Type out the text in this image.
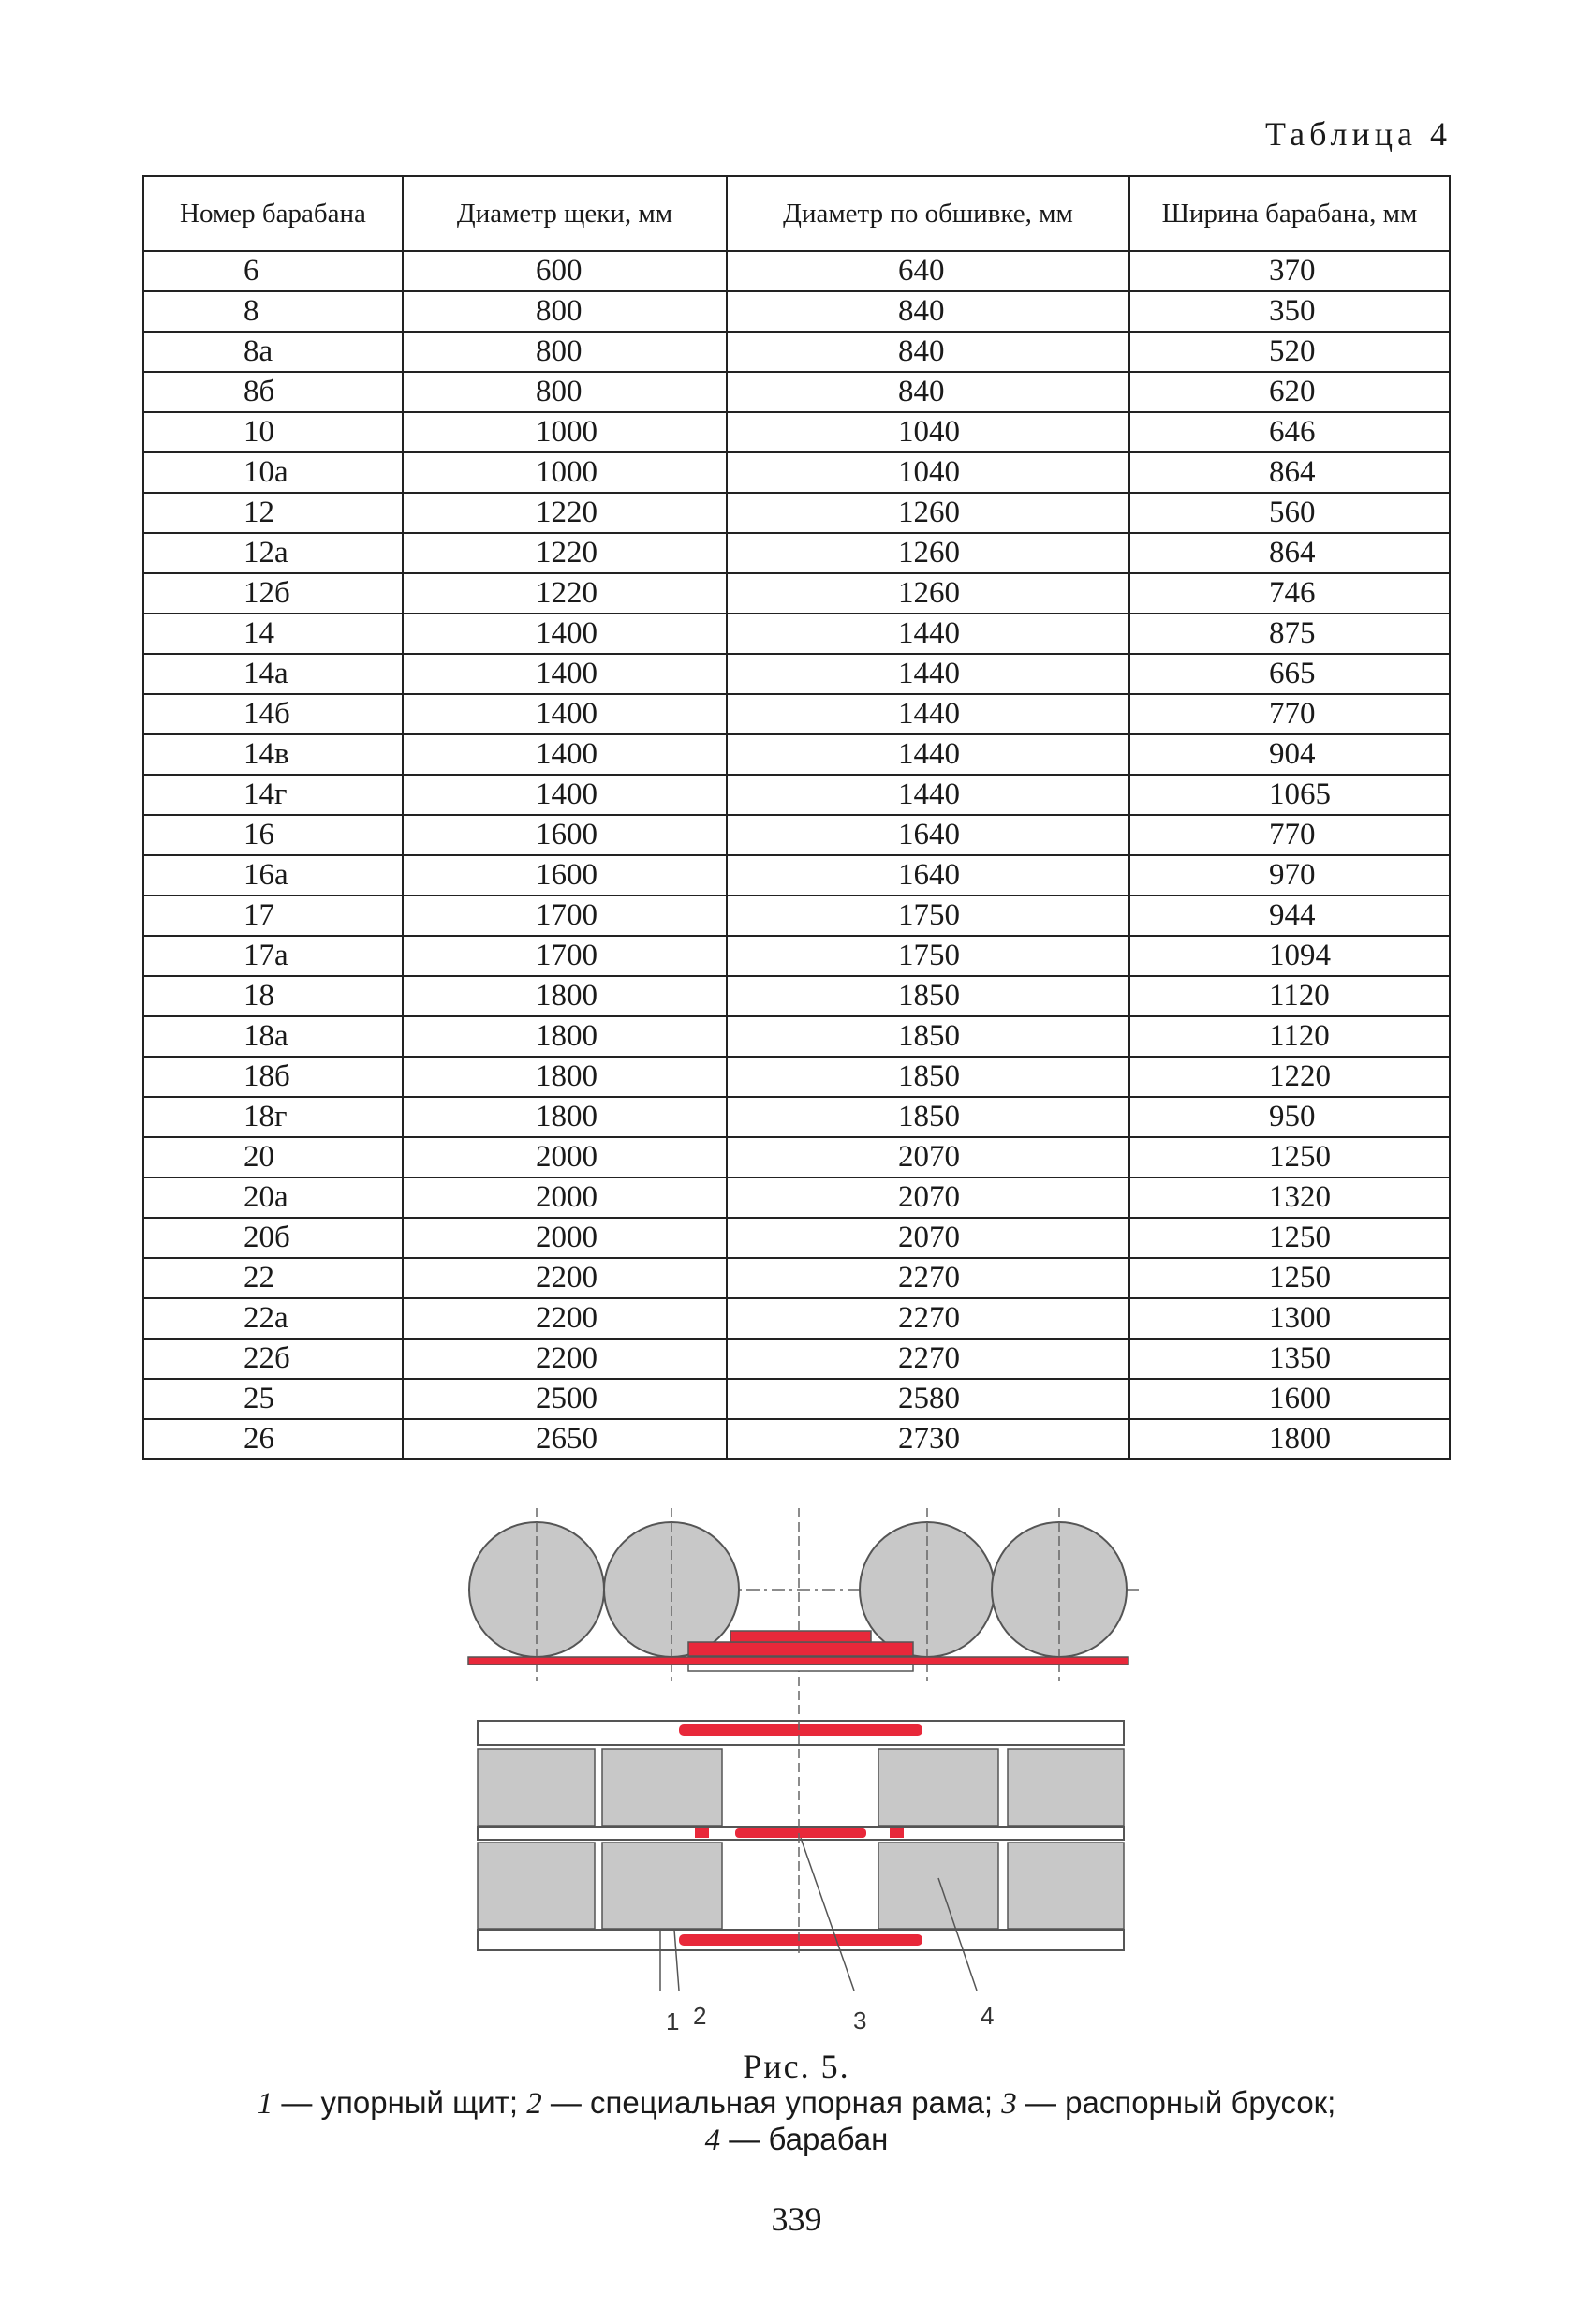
Таблица 4
Номер барабана	Диаметр щеки, мм	Диаметр по обшивке, мм	Ширина барабана, мм
6	600	640	370
8	800	840	350
8а	800	840	520
8б	800	840	620
10	1000	1040	646
10а	1000	1040	864
12	1220	1260	560
12а	1220	1260	864
12б	1220	1260	746
14	1400	1440	875
14а	1400	1440	665
14б	1400	1440	770
14в	1400	1440	904
14г	1400	1440	1065
16	1600	1640	770
16а	1600	1640	970
17	1700	1750	944
17а	1700	1750	1094
18	1800	1850	1120
18а	1800	1850	1120
18б	1800	1850	1220
18г	1800	1850	950
20	2000	2070	1250
20а	2000	2070	1320
20б	2000	2070	1250
22	2200	2270	1250
22а	2200	2270	1300
22б	2200	2270	1350
25	2500	2580	1600
26	2650	2730	1800
1 2	3	4
Рис. 5.
1 — упорный щит; 2 — специальная упорная рама; 3 — распорный брусок;
4 — барабан
339
